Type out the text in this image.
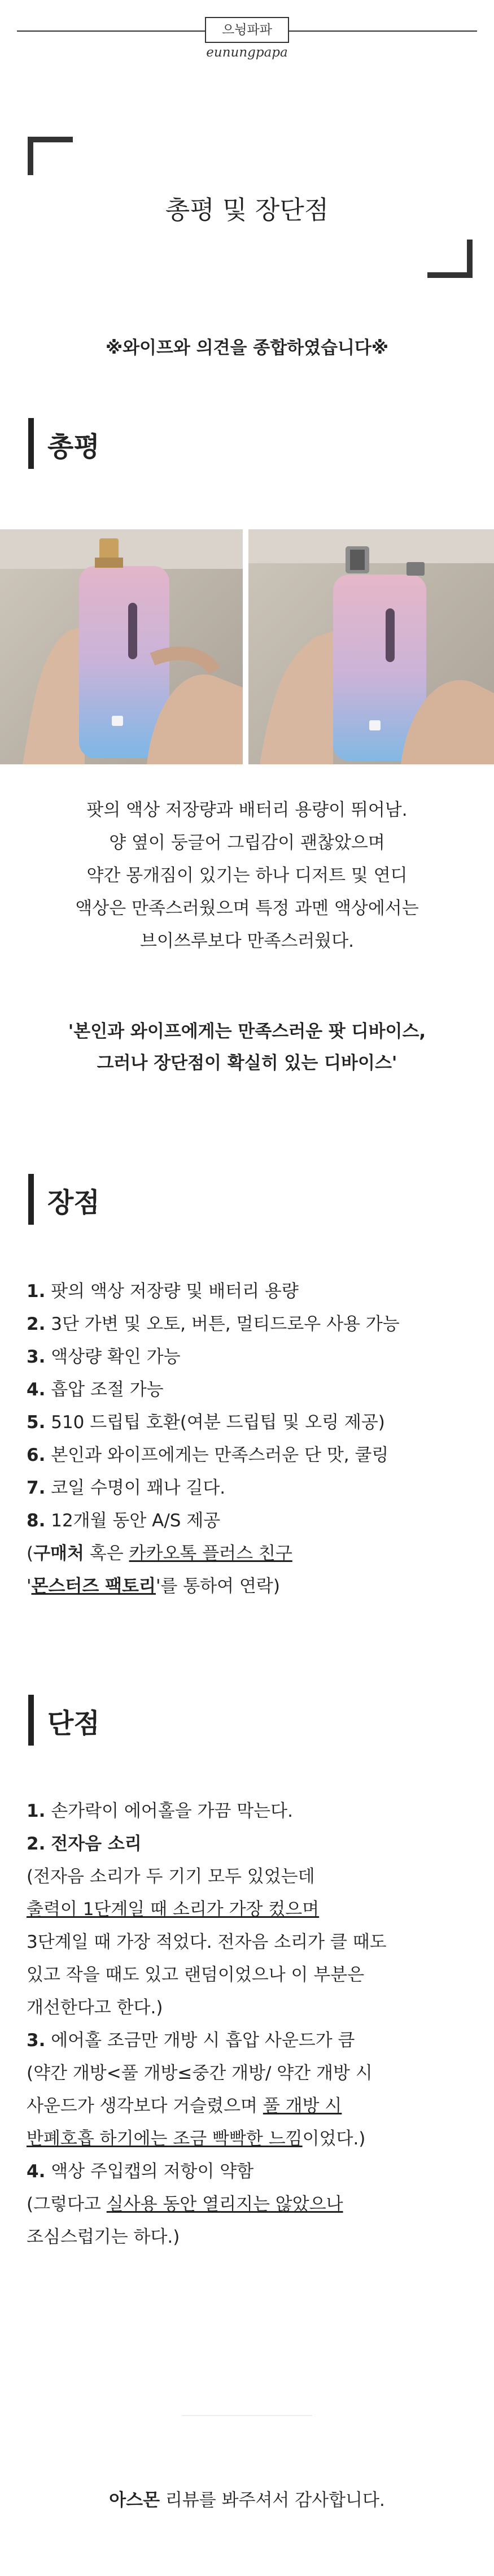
으뉭파파
eunungpapa
총평 및 장단점
※와이프와 의견을 종합하였습니다※
총평
팟의 액상 저장량과 배터리 용량이 뛰어남.
양 옆이 둥글어 그립감이 괜찮았으며
약간 몽개짐이 있기는 하나 디저트 및 연디
액상은 만족스러웠으며 특정 과멘 액상에서는
브이쓰루보다 만족스러웠다.
'본인과 와이프에게는 만족스러운 팟 디바이스,
그러나 장단점이 확실히 있는 디바이스'
장점
1. 팟의 액상 저장량 및 배터리 용량
2. 3단 가변 및 오토, 버튼, 멀티드로우 사용 가능
3. 액상량 확인 가능
4. 흡압 조절 가능
5. 510 드립팁 호환(여분 드립팁 및 오링 제공)
6. 본인과 와이프에게는 만족스러운 단 맛, 쿨링
7. 코일 수명이 꽤나 길다.
8. 12개월 동안 A/S 제공
(구매처 혹은 카카오톡 플러스 친구
'몬스터즈 팩토리'를 통하여 연락)
단점
1. 손가락이 에어홀을 가끔 막는다.
2. 전자음 소리
(전자음 소리가 두 기기 모두 있었는데
출력이 1단계일 때 소리가 가장 컸으며
3단계일 때 가장 적었다. 전자음 소리가 클 때도
있고 작을 때도 있고 랜덤이었으나 이 부분은
개선한다고 한다.)
3. 에어홀 조금만 개방 시 흡압 사운드가 큼
(약간 개방<풀 개방≤중간 개방/ 약간 개방 시
사운드가 생각보다 거슬렸으며 풀 개방 시
반폐호흡 하기에는 조금 빡빡한 느낌이었다.)
4. 액상 주입캡의 저항이 약함
(그렇다고 실사용 동안 열리지는 않았으나
조심스럽기는 하다.)
아스몬 리뷰를 봐주셔서 감사합니다.
